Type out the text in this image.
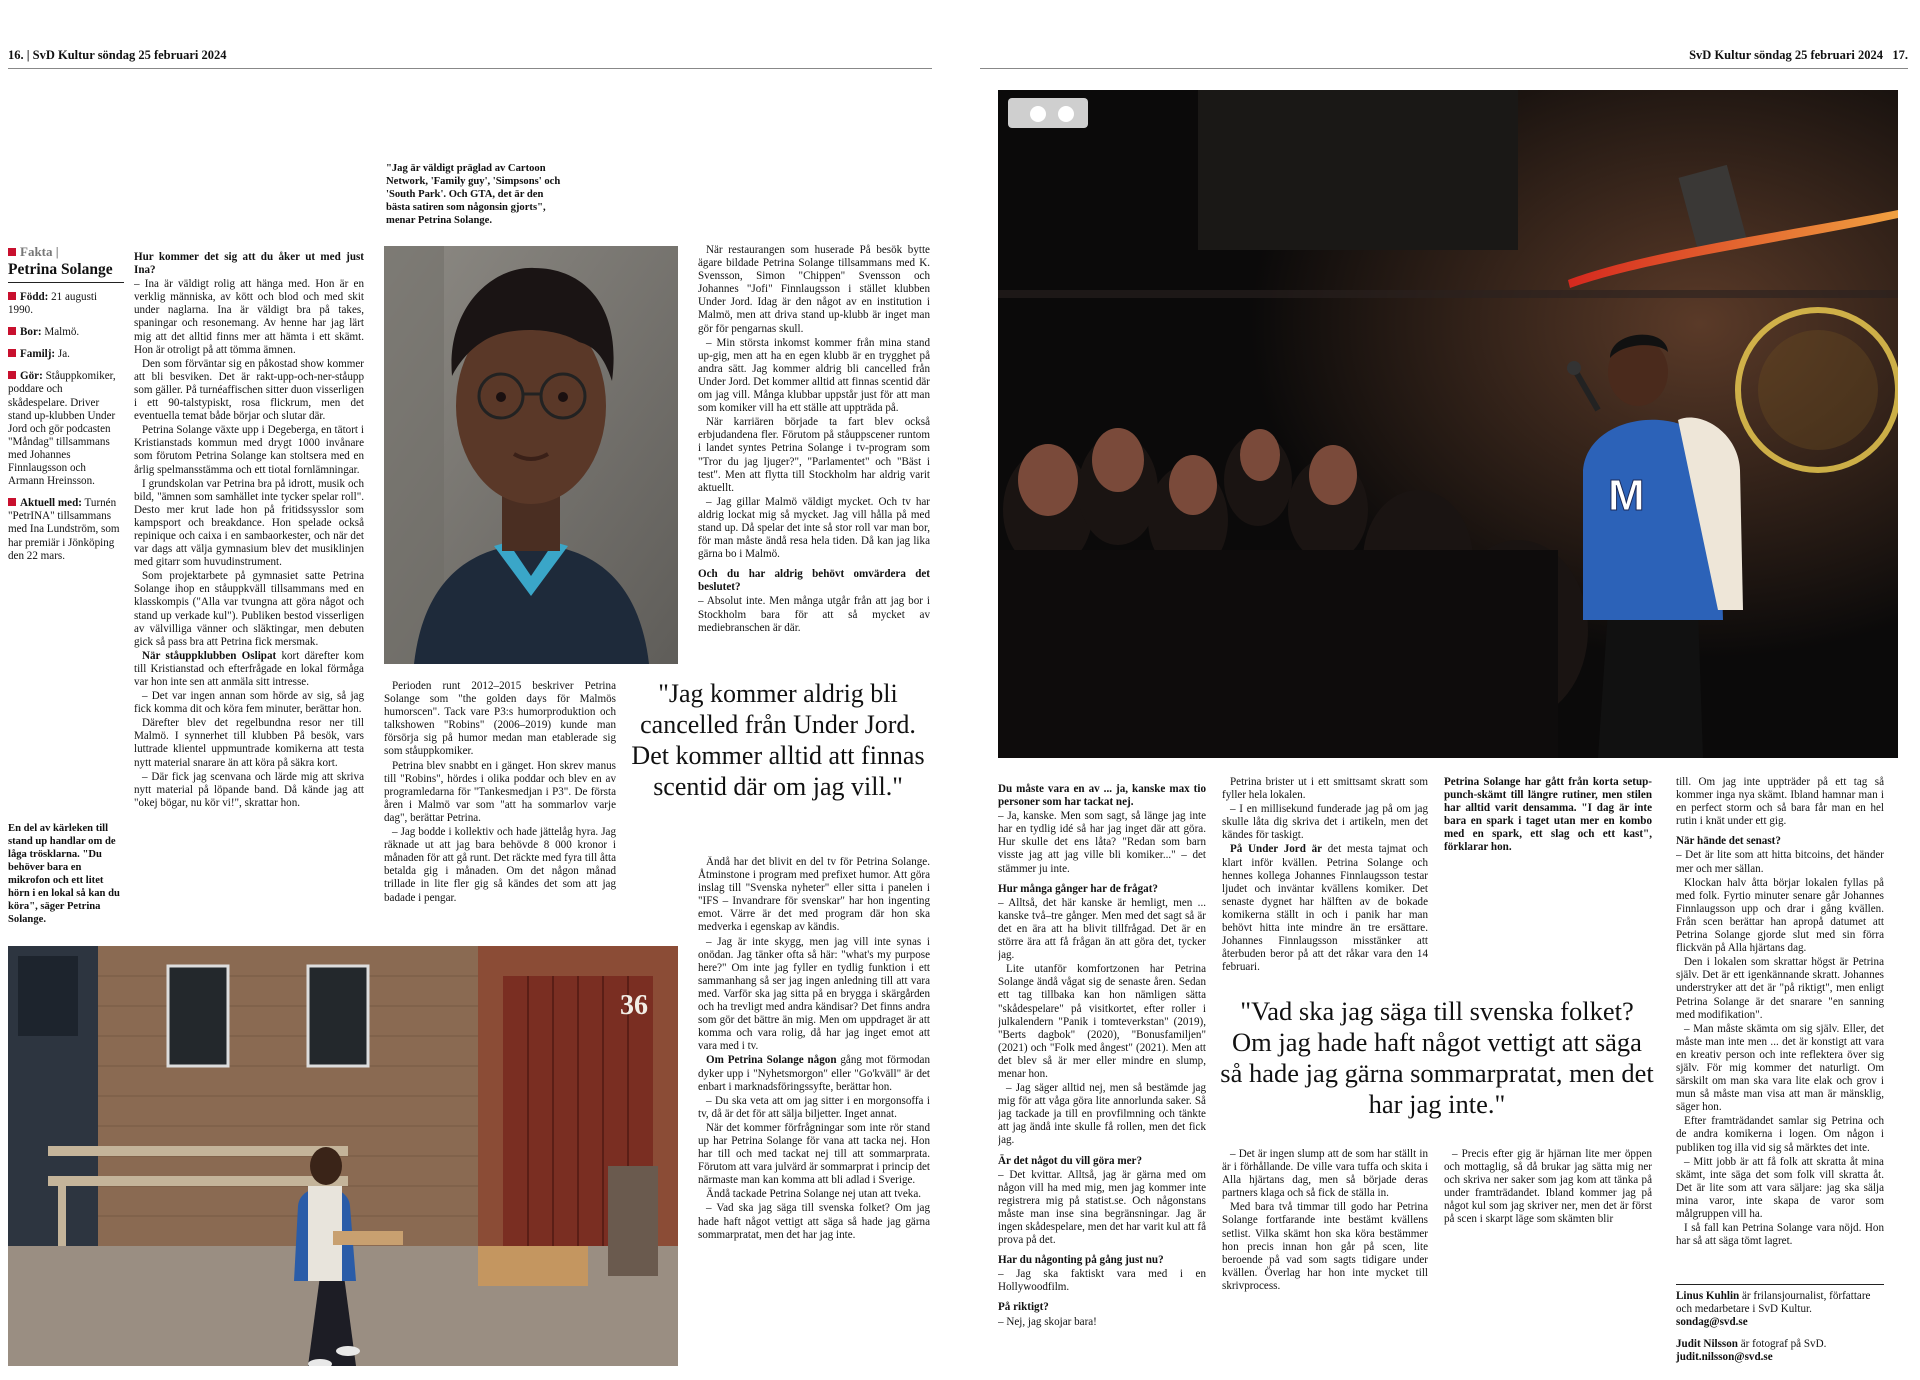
16. | SvD Kultur söndag 25 februari 2024
Fakta |
Petrina Solange

Född: 21 augusti 1990.

Bor: Malmö.

Familj: Ja.

Gör: Ståuppkomiker, poddare och skådespelare. Driver stand up-klubben Under Jord och gör podcasten "Måndag" tillsammans med Johannes Finnlaugsson och Armann Hreinsson.

Aktuell med: Turnén "PetrINA" tillsammans med Ina Lundström, som har premiär i Jönköping den 22 mars.

En del av kärleken till stand up handlar om de låga trösklarna. "Du behöver bara en mikrofon och ett litet hörn i en lokal så kan du köra", säger Petrina Solange.

Hur kommer det sig att du åker ut med just Ina?

– Ina är väldigt rolig att hänga med. Hon är en verklig människa, av kött och blod och med skit under naglarna. Ina är väldigt bra på takes, spaningar och resonemang. Av henne har jag lärt mig att det alltid finns mer att hämta i ett skämt. Hon är otroligt på att tömma ämnen.

Den som förväntar sig en påkostad show kommer att bli besviken. Det är rakt-upp-och-ner-ståupp som gäller. På turnéaffischen sitter duon visserligen i ett 90-talstypiskt, rosa flickrum, men det eventuella temat både börjar och slutar där.

Petrina Solange växte upp i Degeberga, en tätort i Kristianstads kommun med drygt 1000 invånare som förutom Petrina Solange kan stoltsera med en årlig spelmansstämma och ett tiotal fornlämningar.

I grundskolan var Petrina bra på idrott, musik och bild, "ämnen som samhället inte tycker spelar roll". Desto mer krut lade hon på fritidssysslor som kampsport och breakdance. Hon spelade också repinique och caixa i en sambaorkester, och när det var dags att välja gymnasium blev det musiklinjen med gitarr som huvudinstrument.

Som projektarbete på gymnasiet satte Petrina Solange ihop en ståuppkväll tillsammans med en klasskompis ("Alla var tvungna att göra något och stand up verkade kul"). Publiken bestod visserligen av välvilliga vänner och släktingar, men debuten gick så pass bra att Petrina fick mersmak.

När ståuppklubben Oslipat kort därefter kom till Kristianstad och efterfrågade en lokal förmåga var hon inte sen att anmäla sitt intresse.

– Det var ingen annan som hörde av sig, så jag fick komma dit och köra fem minuter, berättar hon.

Därefter blev det regelbundna resor ner till Malmö. I synnerhet till klubben På besök, vars luttrade klientel uppmuntrade komikerna att testa nytt material snarare än att köra på säkra kort.

– Där fick jag scenvana och lärde mig att skriva nytt material på löpande band. Då kände jag att "okej bögar, nu kör vi!", skrattar hon.

"Jag är väldigt präglad av Cartoon Network, 'Family guy', 'Simpsons' och 'South Park'. Och GTA, det är den bästa satiren som någonsin gjorts", menar Petrina Solange.

Perioden runt 2012–2015 beskriver Petrina Solange som "the golden days för Malmös humorscen". Tack vare P3:s humorproduktion och talkshowen "Robins" (2006–2019) kunde man försörja sig på humor medan man etablerade sig som ståuppkomiker.

Petrina blev snabbt en i gänget. Hon skrev manus till "Robins", hördes i olika poddar och blev en av programledarna för "Tankesmedjan i P3". De första åren i Malmö var som "att ha sommarlov varje dag", berättar Petrina.

– Jag bodde i kollektiv och hade jättelåg hyra. Jag räknade ut att jag bara behövde 8 000 kronor i månaden för att gå runt. Det räckte med fyra till åtta betalda gig i månaden. Om det någon månad trillade in lite fler gig så kändes det som att jag badade i pengar.

När restaurangen som huserade På besök bytte ägare bildade Petrina Solange tillsammans med K. Svensson, Simon "Chippen" Svensson och Johannes "Jofi" Finnlaugsson i stället klubben Under Jord. Idag är den något av en institution i Malmö, men att driva stand up-klubb är inget man gör för pengarnas skull.

– Min största inkomst kommer från mina stand up-gig, men att ha en egen klubb är en trygghet på andra sätt. Jag kommer aldrig bli cancelled från Under Jord. Det kommer alltid att finnas scentid där om jag vill. Många klubbar uppstår just för att man som komiker vill ha ett ställe att uppträda på.

När karriären började ta fart blev också erbjudandena fler. Förutom på ståuppscener runtom i landet syntes Petrina Solange i tv-program som "Tror du jag ljuger?", "Parlamentet" och "Bäst i test". Men att flytta till Stockholm har aldrig varit aktuellt.

– Jag gillar Malmö väldigt mycket. Och tv har aldrig lockat mig så mycket. Jag vill hålla på med stand up. Då spelar det inte så stor roll var man bor, för man måste ändå resa hela tiden. Då kan jag lika gärna bo i Malmö.

Och du har aldrig behövt omvärdera det beslutet?

– Absolut inte. Men många utgår från att jag bor i Stockholm bara för att så mycket av mediebranschen är där.

"Jag kommer aldrig bli cancelled från Under Jord. Det kommer alltid att finnas scentid där om jag vill."

Ändå har det blivit en del tv för Petrina Solange. Åtminstone i program med prefixet humor. Att göra inslag till "Svenska nyheter" eller sitta i panelen i "IFS – Invandrare för svenskar" har hon ingenting emot. Värre är det med program där hon ska medverka i egenskap av kändis.

– Jag är inte skygg, men jag vill inte synas i onödan. Jag tänker ofta så här: "what's my purpose here?" Om inte jag fyller en tydlig funktion i ett sammanhang så ser jag ingen anledning till att vara med. Varför ska jag sitta på en brygga i skärgården och ha trevligt med andra kändisar? Det finns andra som gör det bättre än mig. Men om uppdraget är att komma och vara rolig, då har jag inget emot att vara med i tv.

Om Petrina Solange någon gång mot förmodan dyker upp i "Nyhetsmorgon" eller "Go'kväll" är det enbart i marknadsföringssyfte, berättar hon.

– Du ska veta att om jag sitter i en morgonsoffa i tv, då är det för att sälja biljetter. Inget annat.

När det kommer förfrågningar som inte rör stand up har Petrina Solange för vana att tacka nej. Hon har till och med tackat nej till att sommarprata. Förutom att vara julvärd är sommarprat i princip det närmaste man kan komma att bli adlad i Sverige.

Ändå tackade Petrina Solange nej utan att tveka.

– Vad ska jag säga till svenska folket? Om jag hade haft något vettigt att säga så hade jag gärna sommarpratat, men det har jag inte.

36
SvD Kultur söndag 25 februari 2024 17.
M

Du måste vara en av ... ja, kanske max tio personer som har tackat nej.

– Ja, kanske. Men som sagt, så länge jag inte har en tydlig idé så har jag inget där att göra. Hur skulle det ens låta? "Redan som barn visste jag att jag ville bli komiker..." – det stämmer ju inte.

Hur många gånger har de frågat?

– Alltså, det här kanske är hemligt, men ... kanske två–tre gånger. Men med det sagt så är det en ära att ha blivit tillfrågad. Det är en större ära att få frågan än att göra det, tycker jag.

Lite utanför komfortzonen har Petrina Solange ändå vågat sig de senaste åren. Sedan ett tag tillbaka kan hon nämligen sätta "skådespelare" på visitkortet, efter roller i julkalendern "Panik i tomteverkstan" (2019), "Berts dagbok" (2020), "Bonusfamiljen" (2021) och "Folk med ångest" (2021). Men att det blev så är mer eller mindre en slump, menar hon.

– Jag säger alltid nej, men så bestämde jag mig för att våga göra lite annorlunda saker. Så jag tackade ja till en provfilmning och tänkte att jag ändå inte skulle få rollen, men det fick jag.

Är det något du vill göra mer?

– Det kvittar. Alltså, jag är gärna med om någon vill ha med mig, men jag kommer inte registrera mig på statist.se. Och någonstans måste man inse sina begränsningar. Jag är ingen skådespelare, men det har varit kul att få prova på det.

Har du någonting på gång just nu?

– Jag ska faktiskt vara med i en Hollywoodfilm.

På riktigt?

– Nej, jag skojar bara!

Petrina brister ut i ett smittsamt skratt som fyller hela lokalen.

– I en millisekund funderade jag på om jag skulle låta dig skriva det i artikeln, men det kändes för taskigt.

På Under Jord är det mesta tajmat och klart inför kvällen. Petrina Solange och hennes kollega Johannes Finnlaugsson testar ljudet och inväntar kvällens komiker. Det senaste dygnet har hälften av de bokade komikerna ställt in och i panik har man behövt hitta inte mindre än tre ersättare. Johannes Finnlaugsson misstänker att återbuden beror på att det råkar vara den 14 februari.

Petrina Solange har gått från korta setup-punch-skämt till längre rutiner, men stilen har alltid varit densamma. "I dag är inte bara en spark i taget utan mer en kombo med en spark, ett slag och ett kast", förklarar hon.

"Vad ska jag säga till svenska folket? Om jag hade haft något vettigt att säga så hade jag gärna sommarpratat, men det har jag inte."

– Det är ingen slump att de som har ställt in är i förhållande. De ville vara tuffa och skita i Alla hjärtans dag, men så började deras partners klaga och så fick de ställa in.

Med bara två timmar till godo har Petrina Solange fortfarande inte bestämt kvällens setlist. Vilka skämt hon ska köra bestämmer hon precis innan hon går på scen, lite beroende på vad som sagts tidigare under kvällen. Överlag har hon inte mycket till skrivprocess.

– Precis efter gig är hjärnan lite mer öppen och mottaglig, så då brukar jag sätta mig ner och skriva ner saker som jag kom att tänka på under framträdandet. Ibland kommer jag på något kul som jag skriver ner, men det är först på scen i skarpt läge som skämten blir

till. Om jag inte uppträder på ett tag så kommer inga nya skämt. Ibland hamnar man i en perfect storm och så bara får man en hel rutin i knät under ett gig.

När hände det senast?

– Det är lite som att hitta bitcoins, det händer mer och mer sällan.

Klockan halv åtta börjar lokalen fyllas på med folk. Fyrtio minuter senare går Johannes Finnlaugsson upp och drar i gång kvällen. Från scen berättar han apropå datumet att Petrina Solange gjorde slut med sin förra flickvän på Alla hjärtans dag.

Den i lokalen som skrattar högst är Petrina själv. Det är ett igenkännande skratt. Johannes understryker att det är "på riktigt", men enligt Petrina Solange är det snarare "en sanning med modifikation".

– Man måste skämta om sig själv. Eller, det måste man inte men ... det är konstigt att vara en kreativ person och inte reflektera över sig själv. För mig kommer det naturligt. Om särskilt om man ska vara lite elak och grov i mun så måste man visa att man är mänsklig, säger hon.

Efter framträdandet samlar sig Petrina och de andra komikerna i logen. Om någon i publiken tog illa vid sig så märktes det inte.

– Mitt jobb är att få folk att skratta åt mina skämt, inte säga det som folk vill skratta åt. Det är lite som att vara säljare: jag ska sälja mina varor, inte skapa de varor som målgruppen vill ha.

I så fall kan Petrina Solange vara nöjd. Hon har så att säga tömt lagret.

Linus Kuhlin är frilansjournalist, författare och medarbetare i SvD Kultur.
sondag@svd.se
Judit Nilsson är fotograf på SvD.
judit.nilsson@svd.se
